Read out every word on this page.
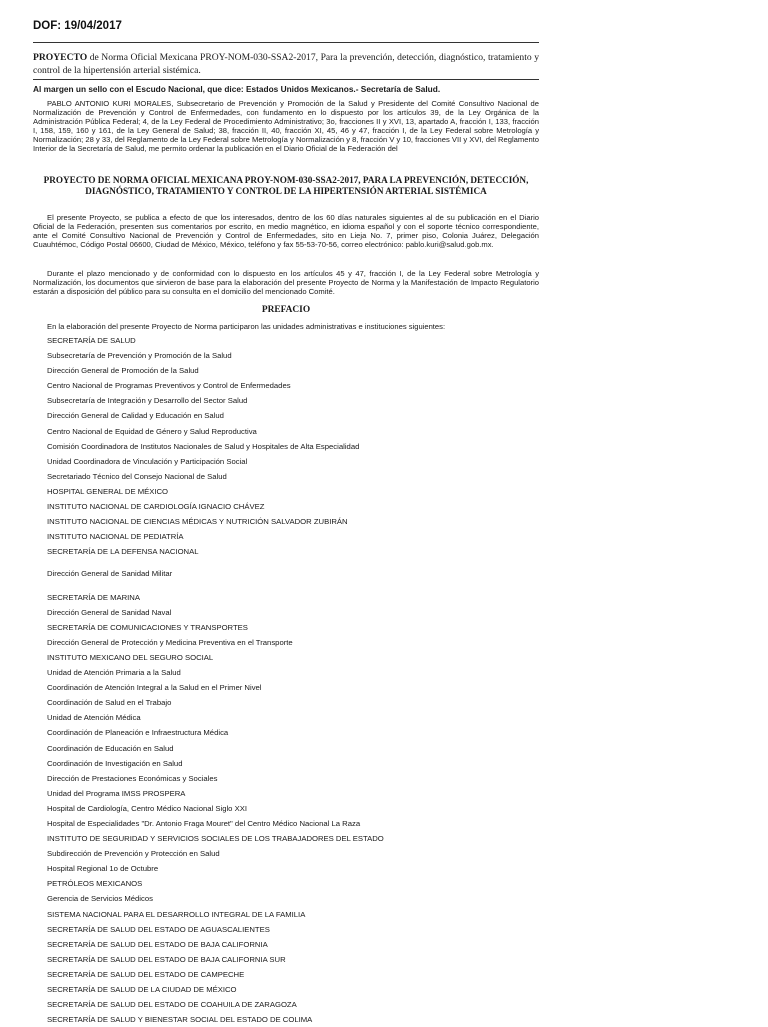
DOF: 19/04/2017
PROYECTO de Norma Oficial Mexicana PROY-NOM-030-SSA2-2017, Para la prevención, detección, diagnóstico, tratamiento y control de la hipertensión arterial sistémica.
Al margen un sello con el Escudo Nacional, que dice: Estados Unidos Mexicanos.- Secretaría de Salud.
PABLO ANTONIO KURI MORALES, Subsecretario de Prevención y Promoción de la Salud y Presidente del Comité Consultivo Nacional de Normalización de Prevención y Control de Enfermedades, con fundamento en lo dispuesto por los artículos 39, de la Ley Orgánica de la Administración Pública Federal; 4, de la Ley Federal de Procedimiento Administrativo; 3o, fracciones II y XVI, 13, apartado A, fracción I, 133, fracción I, 158, 159, 160 y 161, de la Ley General de Salud; 38, fracción II, 40, fracción XI, 45, 46 y 47, fracción I, de la Ley Federal sobre Metrología y Normalización; 28 y 33, del Reglamento de la Ley Federal sobre Metrología y Normalización y 8, fracción V y 10, fracciones VII y XVI, del Reglamento Interior de la Secretaría de Salud, me permito ordenar la publicación en el Diario Oficial de la Federación del
PROYECTO DE NORMA OFICIAL MEXICANA PROY-NOM-030-SSA2-2017, PARA LA PREVENCIÓN, DETECCIÓN, DIAGNÓSTICO, TRATAMIENTO Y CONTROL DE LA HIPERTENSIÓN ARTERIAL SISTÉMICA
El presente Proyecto, se publica a efecto de que los interesados, dentro de los 60 días naturales siguientes al de su publicación en el Diario Oficial de la Federación, presenten sus comentarios por escrito, en medio magnético, en idioma español y con el soporte técnico correspondiente, ante el Comité Consultivo Nacional de Prevención y Control de Enfermedades, sito en Lieja No. 7, primer piso, Colonia Juárez, Delegación Cuauhtémoc, Código Postal 06600, Ciudad de México, México, teléfono y fax 55-53-70-56, correo electrónico: pablo.kuri@salud.gob.mx.
Durante el plazo mencionado y de conformidad con lo dispuesto en los artículos 45 y 47, fracción I, de la Ley Federal sobre Metrología y Normalización, los documentos que sirvieron de base para la elaboración del presente Proyecto de Norma y la Manifestación de Impacto Regulatorio estarán a disposición del público para su consulta en el domicilio del mencionado Comité.
PREFACIO
En la elaboración del presente Proyecto de Norma participaron las unidades administrativas e instituciones siguientes:
SECRETARÍA DE SALUD
Subsecretaría de Prevención y Promoción de la Salud
Dirección General de Promoción de la Salud
Centro Nacional de Programas Preventivos y Control de Enfermedades
Subsecretaría de Integración y Desarrollo del Sector Salud
Dirección General de Calidad y Educación en Salud
Centro Nacional de Equidad de Género y Salud Reproductiva
Comisión Coordinadora de Institutos Nacionales de Salud y Hospitales de Alta Especialidad
Unidad Coordinadora de Vinculación y Participación Social
Secretariado Técnico del Consejo Nacional de Salud
HOSPITAL GENERAL DE MÉXICO
INSTITUTO NACIONAL DE CARDIOLOGÍA IGNACIO CHÁVEZ
INSTITUTO NACIONAL DE CIENCIAS MÉDICAS Y NUTRICIÓN SALVADOR ZUBIRÁN
INSTITUTO NACIONAL DE PEDIATRÍA
SECRETARÍA DE LA DEFENSA NACIONAL
Dirección General de Sanidad Militar
SECRETARÍA DE MARINA
Dirección General de Sanidad Naval
SECRETARÍA DE COMUNICACIONES Y TRANSPORTES
Dirección General de Protección y Medicina Preventiva en el Transporte
INSTITUTO MEXICANO DEL SEGURO SOCIAL
Unidad de Atención Primaria a la Salud
Coordinación de Atención Integral a la Salud en el Primer Nivel
Coordinación de Salud en el Trabajo
Unidad de Atención Médica
Coordinación de Planeación e Infraestructura Médica
Coordinación de Educación en Salud
Coordinación de Investigación en Salud
Dirección de Prestaciones Económicas y Sociales
Unidad del Programa IMSS PROSPERA
Hospital de Cardiología, Centro Médico Nacional Siglo XXI
Hospital de Especialidades "Dr. Antonio Fraga Mouret" del Centro Médico Nacional La Raza
INSTITUTO DE SEGURIDAD Y SERVICIOS SOCIALES DE LOS TRABAJADORES DEL ESTADO
Subdirección de Prevención y Protección en Salud
Hospital Regional 1o de Octubre
PETRÓLEOS MEXICANOS
Gerencia de Servicios Médicos
SISTEMA NACIONAL PARA EL DESARROLLO INTEGRAL DE LA FAMILIA
SECRETARÍA DE SALUD DEL ESTADO DE AGUASCALIENTES
SECRETARÍA DE SALUD DEL ESTADO DE BAJA CALIFORNIA
SECRETARÍA DE SALUD DEL ESTADO DE BAJA CALIFORNIA SUR
SECRETARÍA DE SALUD DEL ESTADO DE CAMPECHE
SECRETARÍA DE SALUD DE LA CIUDAD DE MÉXICO
SECRETARÍA DE SALUD DEL ESTADO DE COAHUILA DE ZARAGOZA
SECRETARÍA DE SALUD Y BIENESTAR SOCIAL DEL ESTADO DE COLIMA
